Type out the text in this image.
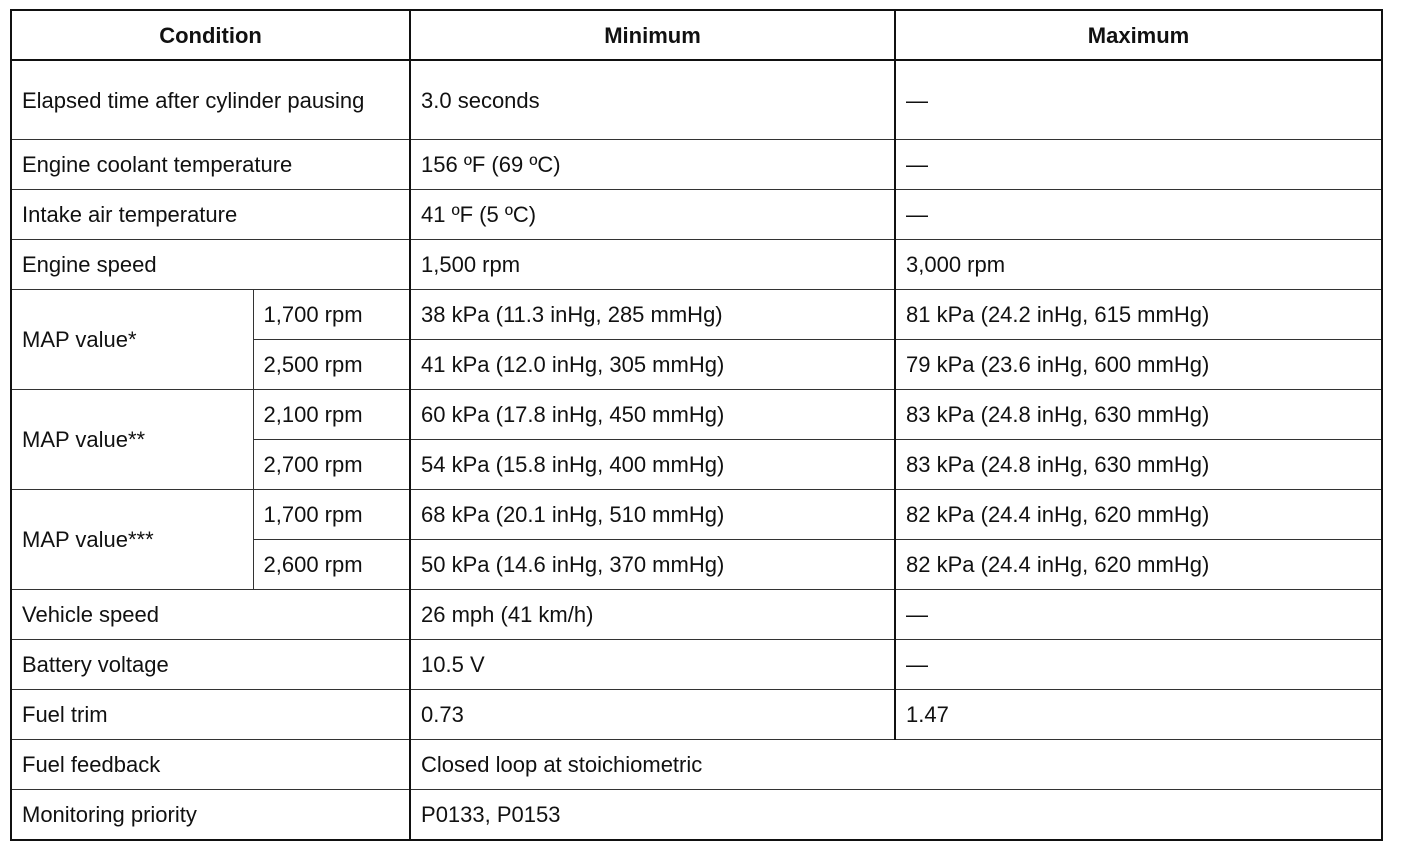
Condition		Minimum	Maximum
Elapsed time after cylinder pausing		3.0 seconds	—
Engine coolant temperature		156 ºF (69 ºC)	—
Intake air temperature		41 ºF (5 ºC)	—
Engine speed		1,500 rpm	3,000 rpm
MAP value*	1,700 rpm	38 kPa (11.3 inHg, 285 mmHg)	81 kPa (24.2 inHg, 615 mmHg)
	2,500 rpm	41 kPa (12.0 inHg, 305 mmHg)	79 kPa (23.6 inHg, 600 mmHg)
MAP value**	2,100 rpm	60 kPa (17.8 inHg, 450 mmHg)	83 kPa (24.8 inHg, 630 mmHg)
	2,700 rpm	54 kPa (15.8 inHg, 400 mmHg)	83 kPa (24.8 inHg, 630 mmHg)
MAP value***	1,700 rpm	68 kPa (20.1 inHg, 510 mmHg)	82 kPa (24.4 inHg, 620 mmHg)
	2,600 rpm	50 kPa (14.6 inHg, 370 mmHg)	82 kPa (24.4 inHg, 620 mmHg)
Vehicle speed		26 mph (41 km/h)	—
Battery voltage		10.5 V	—
Fuel trim		0.73	1.47
Fuel feedback		Closed loop at stoichiometric	
Monitoring priority		P0133, P0153	
